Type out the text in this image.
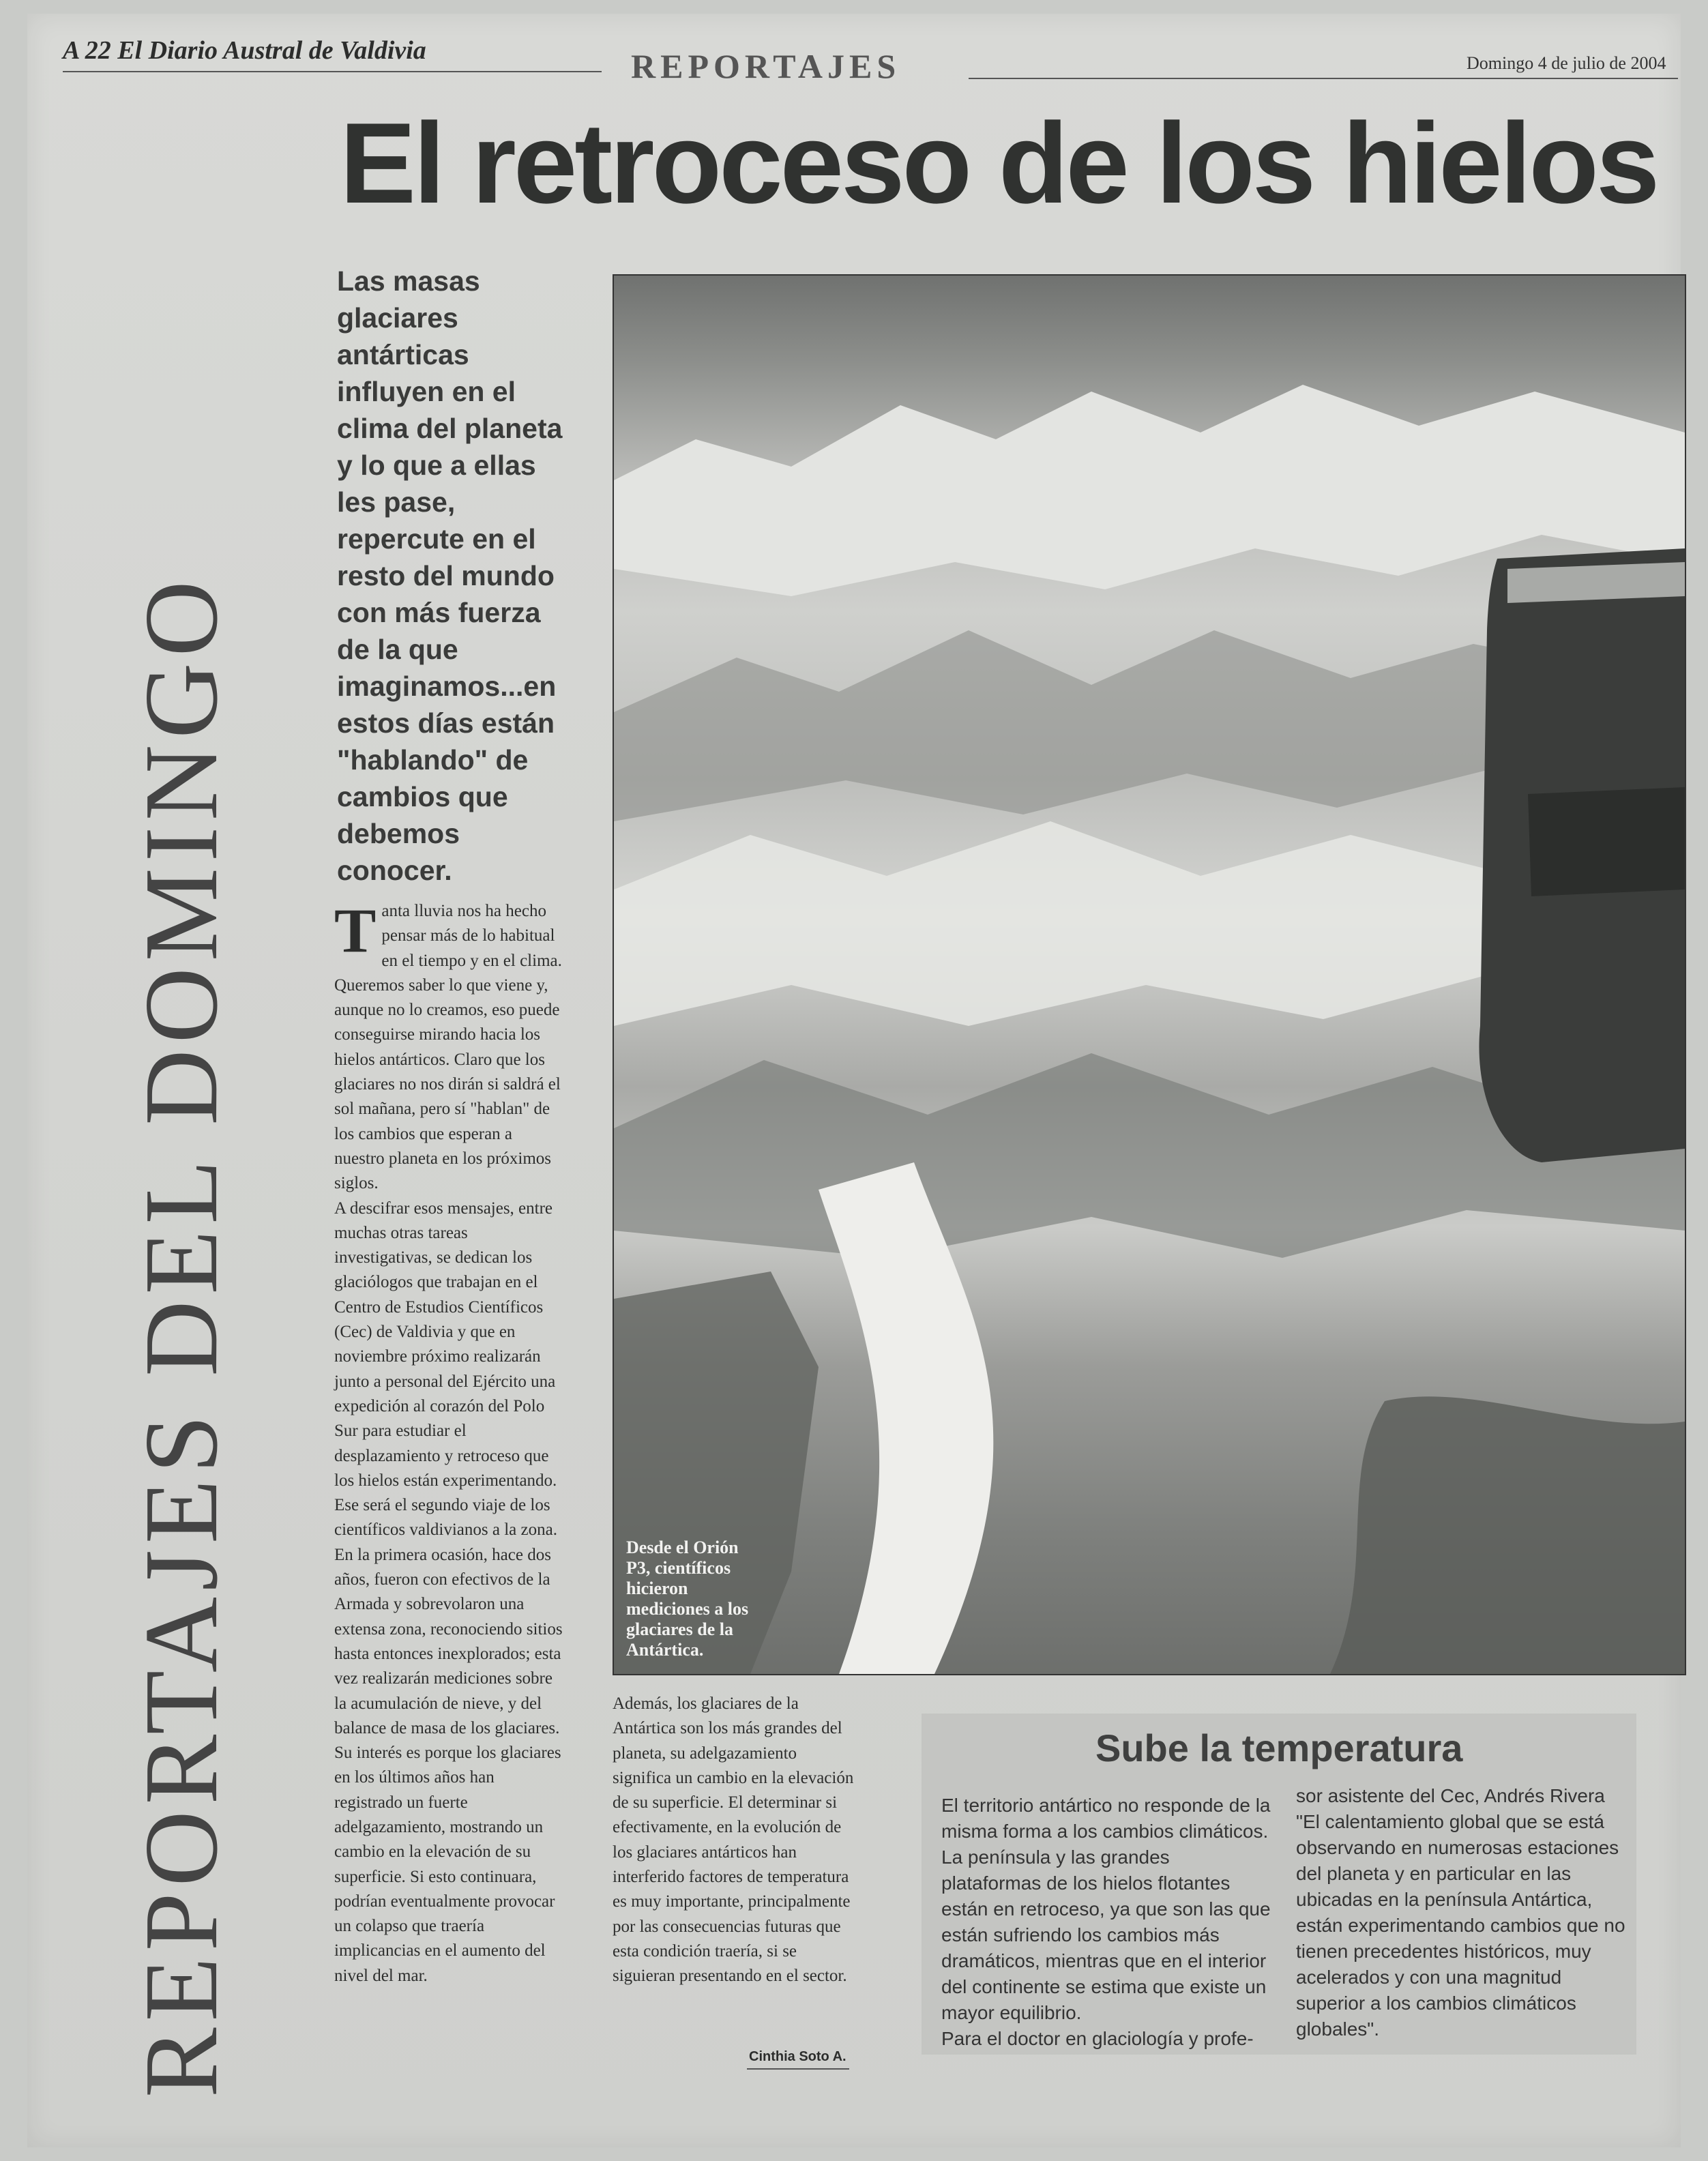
A 22 El Diario Austral de Valdivia	REPORTAJES	Domingo 4 de julio de 2004
REPORTAJES DEL DOMINGO
El retroceso de los hielos
Las masas glaciares antárticas influyen en el clima del planeta y lo que a ellas les pase, repercute en el resto del mundo con más fuerza de la que imaginamos...en estos días están "hablando" de cambios que debemos conocer.

Tanta lluvia nos ha hecho pensar más de lo habitual en el tiempo y en el clima. Queremos saber lo que viene y, aunque no lo creamos, eso puede conseguirse mirando hacia los hielos antárticos. Claro que los glaciares no nos dirán si saldrá el sol mañana, pero sí "hablan" de los cambios que esperan a nuestro planeta en los próximos siglos.

A descifrar esos mensajes, entre muchas otras tareas investigativas, se dedican los glaciólogos que trabajan en el Centro de Estudios Científicos (Cec) de Valdivia y que en noviembre próximo realizarán junto a personal del Ejército una expedición al corazón del Polo Sur para estudiar el desplazamiento y retroceso que los hielos están experimentando.

Ese será el segundo viaje de los científicos valdivianos a la zona. En la primera ocasión, hace dos años, fueron con efectivos de la Armada y sobrevolaron una extensa zona, reconociendo sitios hasta entonces inexplorados; esta vez realizarán mediciones sobre la acumulación de nieve, y del balance de masa de los glaciares.

Su interés es porque los glaciares en los últimos años han registrado un fuerte adelgazamiento, mostrando un cambio en la elevación de su superficie. Si esto continuara, podrían eventualmente provocar un colapso que traería implicancias en el aumento del nivel del mar.

Desde el Orión P3, científicos hicieron mediciones a los glaciares de la Antártica.

Además, los glaciares de la Antártica son los más grandes del planeta, su adelgazamiento significa un cambio en la elevación de su superficie. El determinar si efectivamente, en la evolución de los glaciares antárticos han interferido factores de temperatura es muy importante, principalmente por las consecuencias futuras que esta condición traería, si se siguieran presentando en el sector.

Cinthia Soto A.
Sube la temperatura

El territorio antártico no responde de la misma forma a los cambios climáticos. La península y las grandes plataformas de los hielos flotantes están en retroceso, ya que son las que están sufriendo los cambios más dramáticos, mientras que en el interior del continente se estima que existe un mayor equilibrio.

Para el doctor en glaciología y profe-

sor asistente del Cec, Andrés Rivera "El calentamiento global que se está observando en numerosas estaciones del planeta y en particular en las ubicadas en la península Antártica, están experimentando cambios que no tienen precedentes históricos, muy acelerados y con una magnitud superior a los cambios climáticos globales".
